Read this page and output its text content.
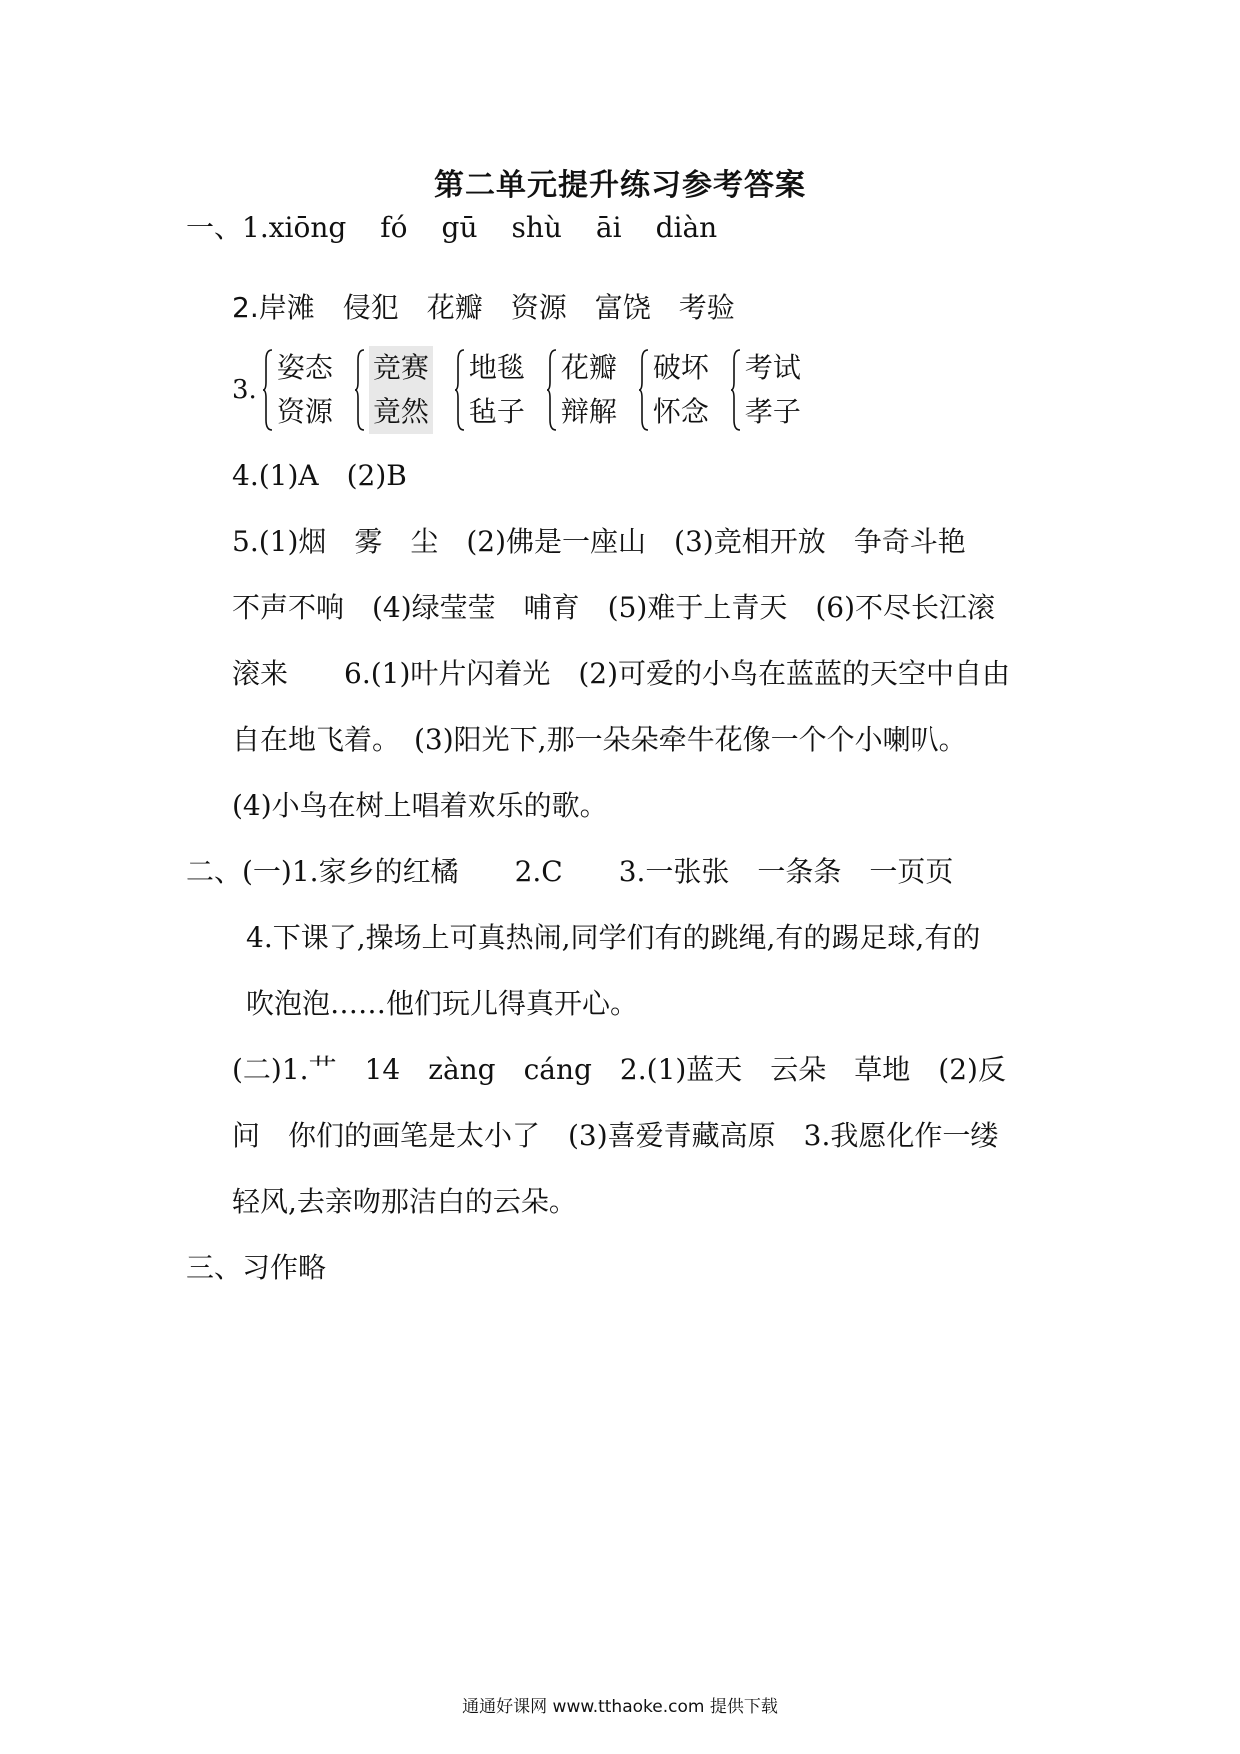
第二单元提升练习参考答案
一、1.xiōng fó gū shù āi diàn
2.岸滩　侵犯　花瓣　资源　富饶　考验
3.
姿态
资源
竞赛
竟然
地毯
毡子
花瓣
辩解
破坏
怀念
考试
孝子
4.(1)A　(2)B
5.(1)烟　雾　尘　(2)佛是一座山　(3)竞相开放　争奇斗艳
不声不响　(4)绿莹莹　哺育　(5)难于上青天　(6)不尽长江滚
滚来　　6.(1)叶片闪着光　(2)可爱的小鸟在蓝蓝的天空中自由
自在地飞着。　(3)阳光下,那一朵朵牵牛花像一个个小喇叭。
(4)小鸟在树上唱着欢乐的歌。
二、(一)1.家乡的红橘　　2.C　　3.一张张　一条条　一页页
4.下课了,操场上可真热闹,同学们有的跳绳,有的踢足球,有的
吹泡泡……他们玩儿得真开心。
(二)1.艹　14　zàng　cáng　2.(1)蓝天　云朵　草地　(2)反
问　你们的画笔是太小了　(3)喜爱青藏高原　3.我愿化作一缕
轻风,去亲吻那洁白的云朵。
三、习作略
通通好课网 www.tthaoke.com 提供下载
